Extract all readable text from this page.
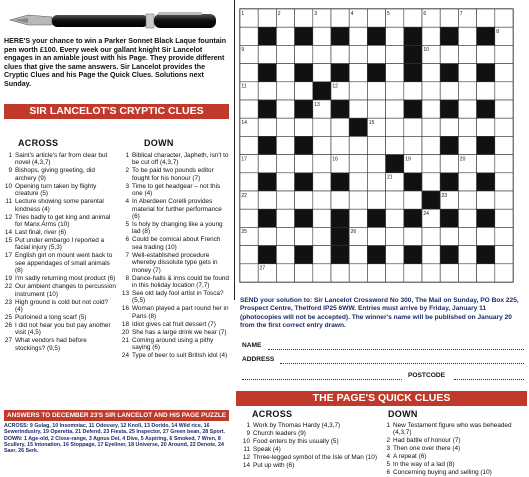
HERE'S your chance to win a Parker Sonnet Black Laque fountain pen worth £100. Every week our gallant knight Sir Lancelot engages in an amiable joust with his Page. They provide different clues that give the same answers. Sir Lancelot provides the Cryptic Clues and his Page the Quick Clues. Solutions next Sunday.
SIR LANCELOT'S CRYPTIC CLUES
ACROSS	DOWN
1 Saint's article's far from clear but novel (4,3,7)
9 Bishops, giving greeting, did archery (9)
10 Opening turn taken by flighty creature (5)
11 Lecture showing some parental kindness (4)
12 Tries badly to get king and animal for Manx Arms (10)
14 Last final, river (6)
15 Put under embargo I reported a facial injury (5,3)
17 English girl on mount went back to see appendages of small animals (8)
19 I'm sadly returning most product (6)
22 Our ambient changes to percussion instrument (10)
23 High ground is cold but not cold? (4)
25 Purloined a long scarf (5)
26 I did not hear you but pay another visit (4,5)
27 What vendors had before stockings? (9,5)
1 Biblical character, Japheth, isn't to be cut off (4,3,7)
2 To be paid two pounds editor fought for his honour (7)
3 Time to get headgear – not this one (4)
4 In Aberdeen Corelli provides material for further performance (6)
5 Is holy by changing like a young lad (8)
6 Could be comical about French sea trading (10)
7 Well-established procedure whereby dissolute type gets in money (7)
8 Dance-halls & inns could be found in this holiday location (7,7)
13 See old lady fool artist in Tosca? (5,5)
16 Woman played a part round her in Paris (8)
18 Idiot gives cat fruit dessert (7)
20 She has a large drink we hear (7)
21 Coming around using a pithy saying (6)
24 Type of beer to suit British idol (4)
ANSWERS TO DECEMBER 23'S SIR LANCELOT AND HIS PAGE PUZZLE
ACROSS: 9 Gulag, 10 Insomniac, 11 Odessey, 12 Knoll, 13 Dorido, 14 Wild rice, 16 Sewerindustry, 19 Operetta, 21 Defend, 23 Fiesta, 25 Inspector, 27 Green bean, 28 Sport. DOWN: 1 Age-old, 2 Close-range, 3 Agnus Dei, 4 Dive, 5 Aspiring, 6 Smoked, 7 Wren, 8 Scullery, 15 Intonation, 16 Stoppage, 17 Eyeliner, 18 Universe, 20 Around, 22 Denote, 24 Saer, 26 Serk.
1	2	3	4	5	6	7
8
9	10
11	12
13
14	15
17	16	19	20
21
22	23
24
25	26
27
SEND your solution to: Sir Lancelot Crossword No 300, The Mail on Sunday, PO Box 225, Prospect Centre, Thetford IP25 6WW. Entries must arrive by Friday, January 11 (photocopies will not be accepted). The winner's name will be published on January 20 from the first correct entry drawn.
NAME
ADDRESS
POSTCODE
THE PAGE'S QUICK CLUES
ACROSS
1 Work by Thomas Hardy (4,3,7)
9 Church leaders (9)
10 Food enters by this usually (5)
11 Speak (4)
12 Three-legged symbol of the Isle of Man (10)
14 Put up with (6)
DOWN
1 New Testament figure who was beheaded (4,3,7)
2 Had battle of honour (7)
3 Then one over there (4)
4 A repeat (6)
5 In the way of a lad (8)
6 Concerning buying and selling (10)
